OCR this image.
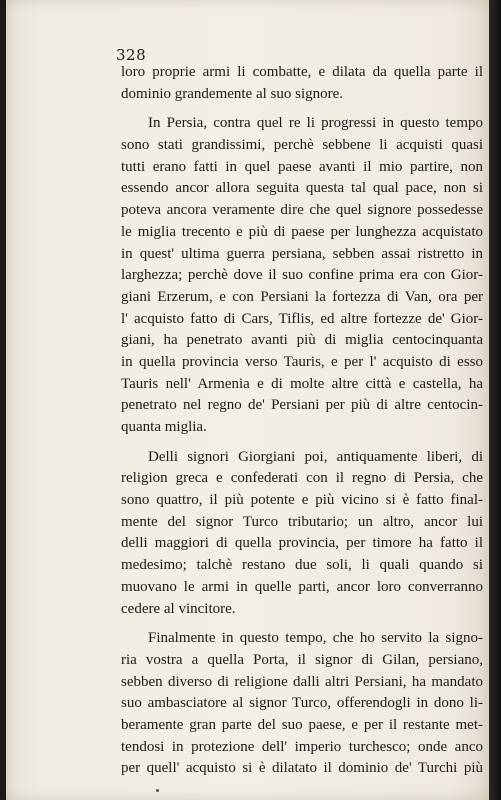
328
loro proprie armi li combatte, e dilata da quella parte il
dominio grandemente al suo signore.
In Persia, contra quel re li progressi in questo tempo
sono stati grandissimi, perchè sebbene li acquisti quasi
tutti erano fatti in quel paese avanti il mio partire, non
essendo ancor allora seguita questa tal qual pace, non si
poteva ancora veramente dire che quel signore possedesse
le miglia trecento e più di paese per lunghezza acquistato
in quest' ultima guerra persiana, sebben assai ristretto in
larghezza; perchè dove il suo confine prima era con Gior-
giani Erzerum, e con Persiani la fortezza di Van, ora per
l' acquisto fatto di Cars, Tiflis, ed altre fortezze de' Gior-
giani, ha penetrato avanti più di miglia centocinquanta
in quella provincia verso Tauris, e per l' acquisto di esso
Tauris nell' Armenia e di molte altre città e castella, ha
penetrato nel regno de' Persiani per più di altre centocin-
quanta miglia.
Delli signori Giorgiani poi, antiquamente liberi, di
religion greca e confederati con il regno di Persia, che
sono quattro, il più potente e più vicino si è fatto final-
mente del signor Turco tributario; un altro, ancor lui
delli maggiori di quella provincia, per timore ha fatto il
medesimo; talchè restano due soli, li quali quando si
muovano le armi in quelle parti, ancor loro converranno
cedere al vincitore.
Finalmente in questo tempo, che ho servito la signo-
ria vostra a quella Porta, il signor di Gilan, persiano,
sebben diverso di religione dalli altri Persiani, ha mandato
suo ambasciatore al signor Turco, offerendogli in dono li-
beramente gran parte del suo paese, e per il restante met-
tendosi in protezione dell' imperio turchesco; onde anco
per quell' acquisto si è dilatato il dominio de' Turchi più
